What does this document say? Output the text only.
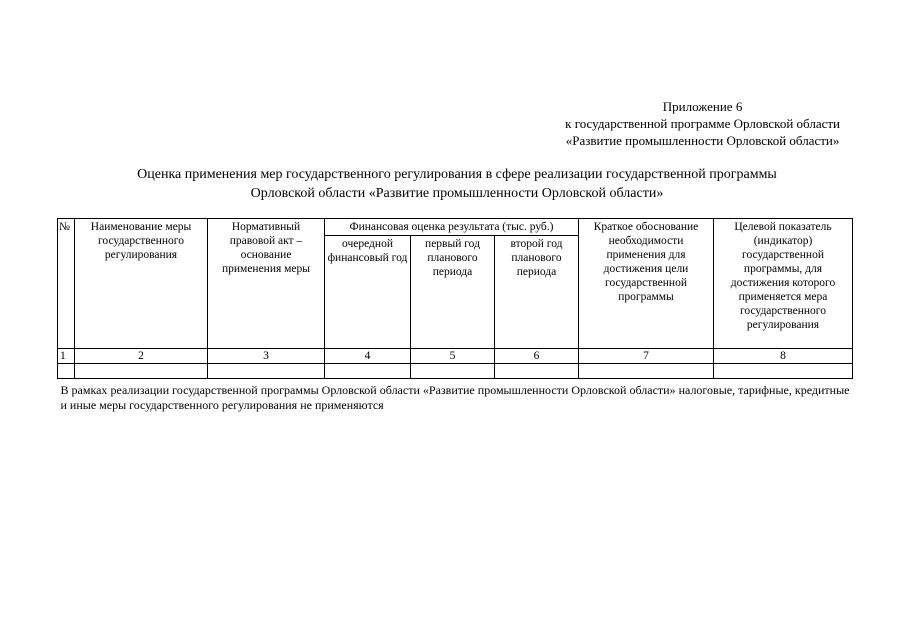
Приложение 6
к государственной программе Орловской области
«Развитие промышленности Орловской области»
Оценка применения мер государственного регулирования в сфере реализации государственной программы
Орловской области «Развитие промышленности Орловской области»
№	Наименование меры государственного регулирования	Нормативный правовой акт – основание применения меры	Финансовая оценка результата (тыс. руб.)			Краткое обоснование необходимости применения для достижения цели государственной программы	Целевой показатель (индикатор) государственной программы, для достижения которого применяется мера государственного регулирования
			очередной финансовый год	первый год планового периода	второй год планового периода		
1	2	3	4	5	6	7	8

В рамках реализации государственной программы Орловской области «Развитие промышленности Орловской области» налоговые, тарифные, кредитные и иные меры государственного регулирования не применяются							
